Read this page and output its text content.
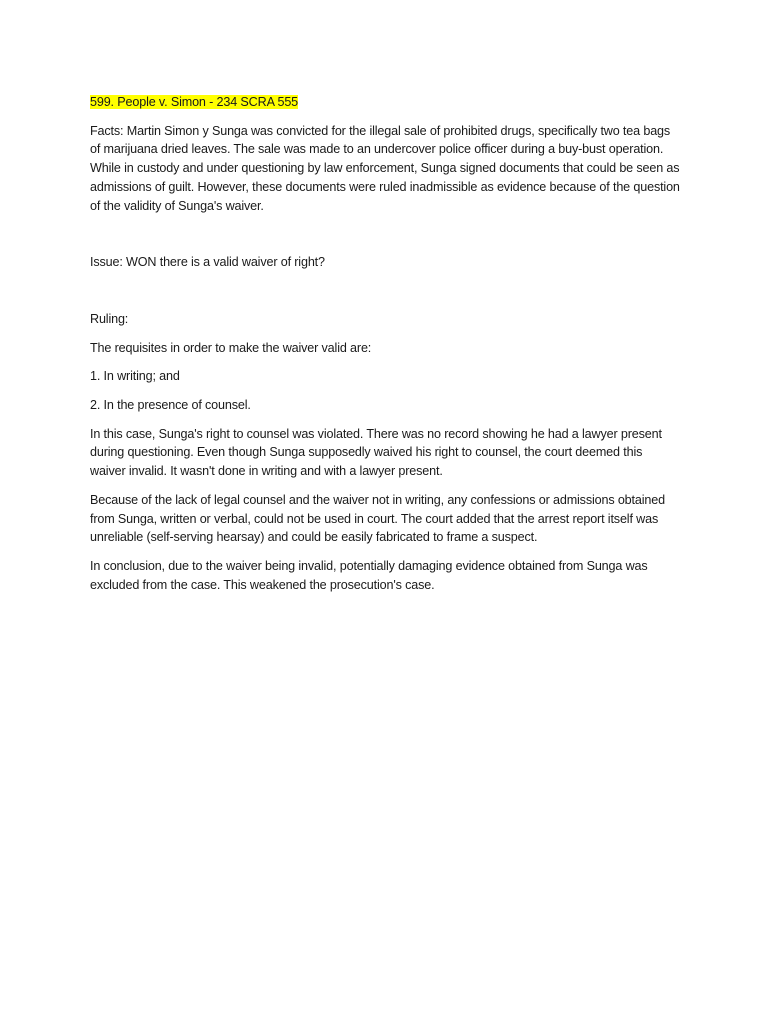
599. People v. Simon - 234 SCRA 555

Facts: Martin Simon y Sunga was convicted for the illegal sale of prohibited drugs, specifically two tea bags of marijuana dried leaves. The sale was made to an undercover police officer during a buy-bust operation. While in custody and under questioning by law enforcement, Sunga signed documents that could be seen as admissions of guilt. However, these documents were ruled inadmissible as evidence because of the question of the validity of Sunga's waiver.

Issue: WON there is a valid waiver of right?

Ruling:

The requisites in order to make the waiver valid are:

1. In writing; and

2. In the presence of counsel.

In this case, Sunga's right to counsel was violated. There was no record showing he had a lawyer present during questioning. Even though Sunga supposedly waived his right to counsel, the court deemed this waiver invalid. It wasn't done in writing and with a lawyer present.

Because of the lack of legal counsel and the waiver not in writing, any confessions or admissions obtained from Sunga, written or verbal, could not be used in court. The court added that the arrest report itself was unreliable (self-serving hearsay) and could be easily fabricated to frame a suspect.

In conclusion, due to the waiver being invalid, potentially damaging evidence obtained from Sunga was excluded from the case. This weakened the prosecution's case.
